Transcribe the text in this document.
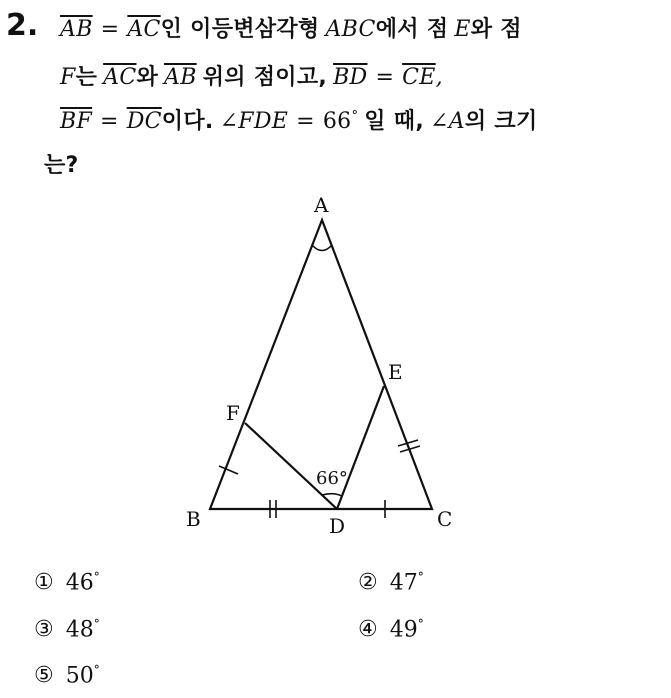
2. $\overline{AB} = \overline{AC}$인 이등변삼각형 ABC에서 점 E와 점
F는 $\overline{AC}$와 $\overline{AB}$ 위의 점이고, $\overline{BD} = \overline{CE}$,
$\overline{BF} = \overline{DC}$이다. ∠FDE = 66° 일 때, ∠A의 크기
는?
A
B	C
D
E
F
66°
① 46°	② 47°
③ 48°	④ 49°
⑤ 50°
